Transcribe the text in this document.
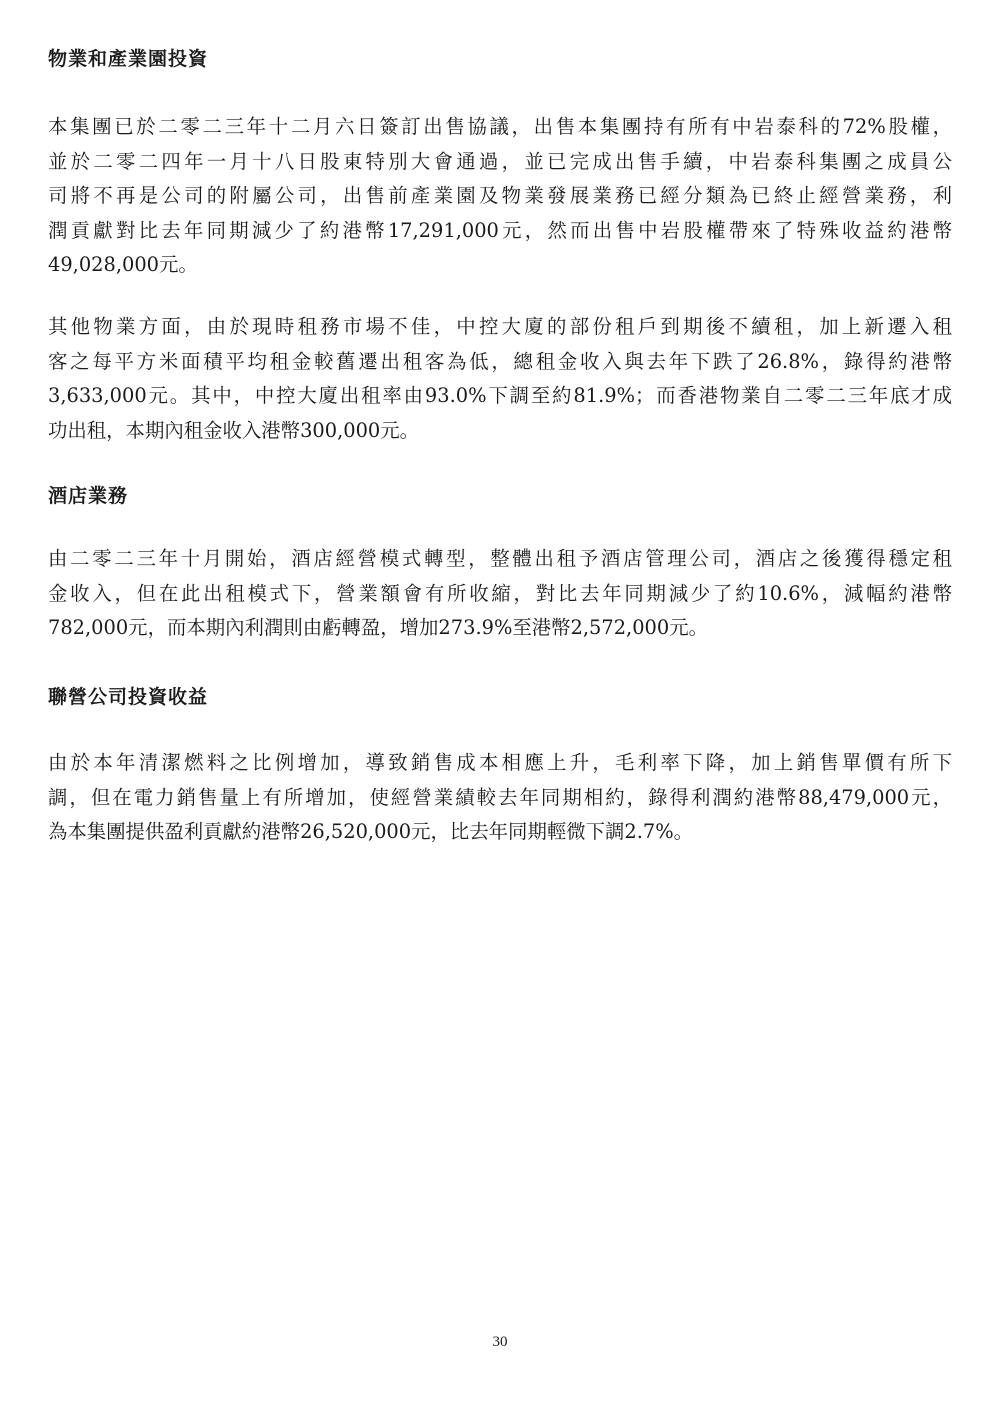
物業和產業園投資

本集團已於二零二三年十二月六日簽訂出售協議，出售本集團持有所有中岩泰科的72%股權，
並於二零二四年一月十八日股東特別大會通過，並已完成出售手續，中岩泰科集團之成員公
司將不再是公司的附屬公司，出售前產業園及物業發展業務已經分類為已終止經營業務，利
潤貢獻對比去年同期減少了約港幣17,291,000元，然而出售中岩股權帶來了特殊收益約港幣
49,028,000元。

其他物業方面，由於現時租務市場不佳，中控大廈的部份租戶到期後不續租，加上新遷入租
客之每平方米面積平均租金較舊遷出租客為低，總租金收入與去年下跌了26.8%，錄得約港幣
3,633,000元。其中，中控大廈出租率由93.0%下調至約81.9%；而香港物業自二零二三年底才成
功出租，本期內租金收入港幣300,000元。

酒店業務

由二零二三年十月開始，酒店經營模式轉型，整體出租予酒店管理公司，酒店之後獲得穩定租
金收入，但在此出租模式下，營業額會有所收縮，對比去年同期減少了約10.6%，減幅約港幣
782,000元，而本期內利潤則由虧轉盈，增加273.9%至港幣2,572,000元。

聯營公司投資收益

由於本年清潔燃料之比例增加，導致銷售成本相應上升，毛利率下降，加上銷售單價有所下
調，但在電力銷售量上有所增加，使經營業績較去年同期相約，錄得利潤約港幣88,479,000元，
為本集團提供盈利貢獻約港幣26,520,000元，比去年同期輕微下調2.7%。

30
